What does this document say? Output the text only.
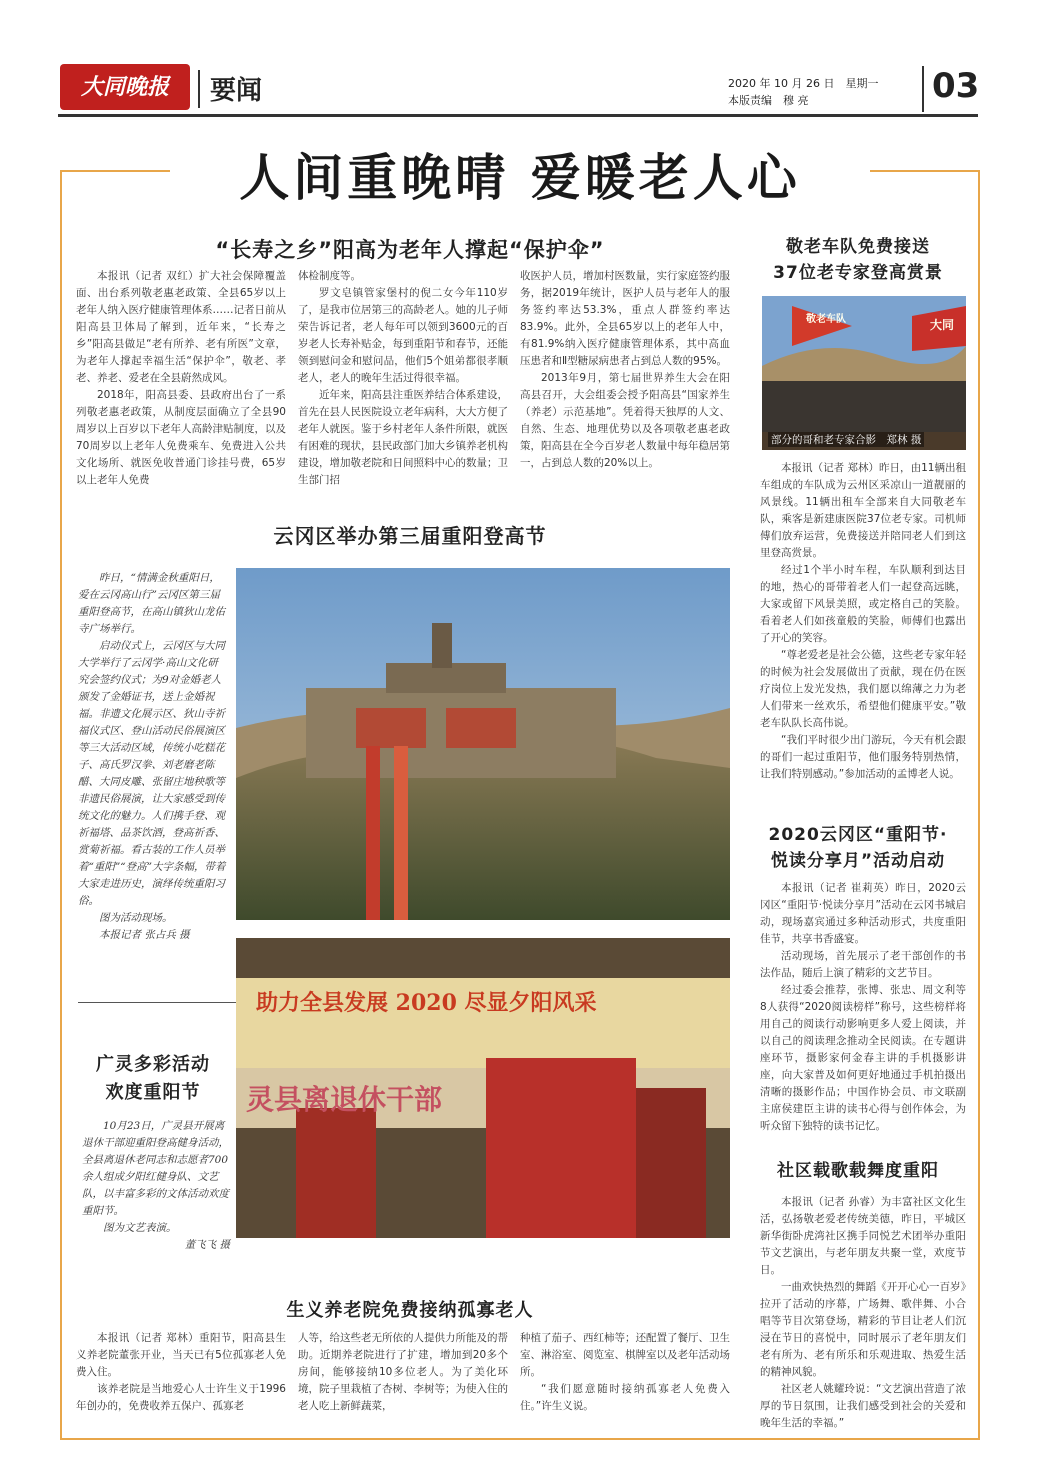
大同晚报	要闻	2020 年 10 月 26 日　星期一
本版责编　穆 亮	03
人间重晚晴 爱暖老人心
“长寿之乡”阳高为老年人撑起“保护伞”

本报讯（记者 双红）扩大社会保障覆盖面、出台系列敬老惠老政策、全县65岁以上老年人纳入医疗健康管理体系……记者日前从阳高县卫体局了解到，近年来，“长寿之乡”阳高县做足“老有所养、老有所医”文章，为老年人撑起幸福生活“保护伞”，敬老、孝老、养老、爱老在全县蔚然成风。

2018年，阳高县委、县政府出台了一系列敬老惠老政策，从制度层面确立了全县90周岁以上百岁以下老年人高龄津贴制度，以及70周岁以上老年人免费乘车、免费进入公共文化场所、就医免收普通门诊挂号费，65岁以上老年人免费

体检制度等。

罗文皂镇管家堡村的倪二女今年110岁了，是我市位居第三的高龄老人。她的儿子师荣告诉记者，老人每年可以领到3600元的百岁老人长寿补贴金，每到重阳节和春节，还能领到慰问金和慰问品，他们5个姐弟都很孝顺老人，老人的晚年生活过得很幸福。

近年来，阳高县注重医养结合体系建设，首先在县人民医院设立老年病科，大大方便了老年人就医。鉴于乡村老年人条件所限，就医有困难的现状，县民政部门加大乡镇养老机构建设，增加敬老院和日间照料中心的数量；卫生部门招

收医护人员，增加村医数量，实行家庭签约服务，据2019年统计，医护人员与老年人的服务签约率达53.3%，重点人群签约率达83.9%。此外，全县65岁以上的老年人中，有81.9%纳入医疗健康管理体系，其中高血压患者和Ⅱ型糖尿病患者占到总人数的95%。

2013年9月，第七届世界养生大会在阳高县召开，大会组委会授予阳高县“国家养生（养老）示范基地”。凭着得天独厚的人文、自然、生态、地理优势以及各项敬老惠老政策，阳高县在全今百岁老人数量中每年稳居第一，占到总人数的20%以上。

云冈区举办第三届重阳登高节

昨日，“情满金秋重阳日，爱在云冈高山行”云冈区第三届重阳登高节，在高山镇狄山龙佑寺广场举行。

启动仪式上，云冈区与大同大学举行了云冈学·高山文化研究会签约仪式；为9对金婚老人颁发了金婚证书，送上金婚祝福。非遗文化展示区、狄山寺祈福仪式区、登山活动民俗展演区等三大活动区域，传统小吃糕花子、高氏罗汉拳、刘老磨老陈醋、大同皮雕、张留庄地秧歌等非遗民俗展演，让大家感受到传统文化的魅力。人们携手登、观祈福塔、品茶饮酒，登高祈香、赏菊祈福。看古装的工作人员举着“重阳”“登高”大字条幅，带着大家走进历史，演绎传统重阳习俗。

图为活动现场。

本报记者 张占兵 摄

广灵多彩活动
欢度重阳节

10月23日，广灵县开展离退休干部迎重阳登高健身活动，全县离退休老同志和志愿者700余人组成夕阳红健身队、文艺队，以丰富多彩的文体活动欢度重阳节。

图为文艺表演。

董飞飞 摄

助力全县发展 2020 尽显夕阳风采
灵县离退休干部
生义养老院免费接纳孤寡老人

本报讯（记者 郑林）重阳节，阳高县生义养老院董张开业，当天已有5位孤寡老人免费入住。

该养老院是当地爱心人士许生义于1996年创办的，免费收养五保户、孤寡老

人等，给这些老无所依的人提供力所能及的帮助。近期养老院进行了扩建，增加到20多个房间，能够接纳10多位老人。为了美化环境，院子里栽植了杏树、李树等；为使入住的老人吃上新鲜蔬菜，

种植了茄子、西红柿等；还配置了餐厅、卫生室、淋浴室、阅览室、棋牌室以及老年活动场所。

“我们愿意随时接纳孤寡老人免费入住。”许生义说。

敬老车队免费接送
37位老专家登高赏景
敬老车队	大同
部分的哥和老专家合影　郑林 摄

本报讯（记者 郑林）昨日，由11辆出租车组成的车队成为云州区采凉山一道靓丽的风景线。11辆出租车全部来自大同敬老车队，乘客是新建康医院37位老专家。司机师傅们放弃运营，免费接送并陪同老人们到这里登高赏景。

经过1个半小时车程，车队顺利到达目的地，热心的哥带着老人们一起登高远眺，大家或留下风景美照，或定格自己的笑脸。看着老人们如孩童般的笑脸，师傅们也露出了开心的笑容。

“尊老爱老是社会公德，这些老专家年轻的时候为社会发展做出了贡献，现在仍在医疗岗位上发光发热，我们愿以绵薄之力为老人们带来一丝欢乐，希望他们健康平安。”敬老车队队长高伟说。

“我们平时很少出门游玩，今天有机会跟的哥们一起过重阳节，他们服务特别热情，让我们特别感动。”参加活动的孟博老人说。

2020云冈区“重阳节·
悦读分享月”活动启动

本报讯（记者 崔莉英）昨日，2020云冈区“重阳节·悦读分享月”活动在云冈书城启动，现场嘉宾通过多种活动形式，共度重阳佳节，共享书香盛宴。

活动现场，首先展示了老干部创作的书法作品，随后上演了精彩的文艺节目。

经过委会推荐，张博、张忠、周文利等8人获得“2020阅读榜样”称号，这些榜样将用自己的阅读行动影响更多人爱上阅读，并以自己的阅读理念推动全民阅读。在专题讲座环节，摄影家何金春主讲的手机摄影讲座，向大家普及如何更好地通过手机拍摄出清晰的摄影作品；中国作协会员、市文联副主席侯建臣主讲的读书心得与创作体会，为听众留下独特的读书记忆。

社区载歌载舞度重阳

本报讯（记者 孙睿）为丰富社区文化生活，弘扬敬老爱老传统美德，昨日，平城区新华街卧虎湾社区携手同悦艺术团举办重阳节文艺演出，与老年朋友共聚一堂，欢度节日。

一曲欢快热烈的舞蹈《开开心心一百岁》拉开了活动的序幕，广场舞、歌伴舞、小合唱等节目次第登场，精彩的节目让老人们沉浸在节日的喜悦中，同时展示了老年朋友们老有所为、老有所乐和乐观进取、热爱生活的精神风貌。

社区老人姚耀玲说：“文艺演出营造了浓厚的节日氛围，让我们感受到社会的关爱和晚年生活的幸福。”
